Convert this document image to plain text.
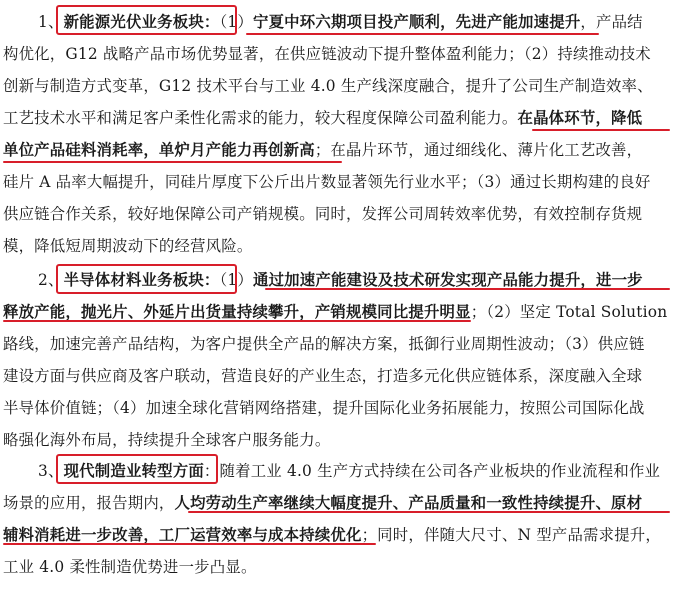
1、新能源光伏业务板块：（1）宁夏中环六期项目投产顺利，先进产能加速提升，产品结
构优化，G12 战略产品市场优势显著，在供应链波动下提升整体盈利能力；（2）持续推动技术
创新与制造方式变革，G12 技术平台与工业 4.0 生产线深度融合，提升了公司生产制造效率、
工艺技术水平和满足客户柔性化需求的能力，较大程度保障公司盈利能力。在晶体环节，降低
单位产品硅料消耗率，单炉月产能力再创新高；在晶片环节，通过细线化、薄片化工艺改善，
硅片 A 品率大幅提升，同硅片厚度下公斤出片数显著领先行业水平；（3）通过长期构建的良好
供应链合作关系，较好地保障公司产销规模。同时，发挥公司周转效率优势，有效控制存货规
模，降低短周期波动下的经营风险。
2、半导体材料业务板块：（1）通过加速产能建设及技术研发实现产品能力提升，进一步
释放产能，抛光片、外延片出货量持续攀升，产销规模同比提升明显；（2）坚定 Total Solution
路线，加速完善产品结构，为客户提供全产品的解决方案，抵御行业周期性波动；（3）供应链
建设方面与供应商及客户联动，营造良好的产业生态，打造多元化供应链体系，深度融入全球
半导体价值链；（4）加速全球化营销网络搭建，提升国际化业务拓展能力，按照公司国际化战
略强化海外布局，持续提升全球客户服务能力。
3、现代制造业转型方面：随着工业 4.0 生产方式持续在公司各产业板块的作业流程和作业
场景的应用，报告期内，人均劳动生产率继续大幅度提升、产品质量和一致性持续提升、原材
辅料消耗进一步改善，工厂运营效率与成本持续优化；同时，伴随大尺寸、N 型产品需求提升，
工业 4.0 柔性制造优势进一步凸显。
